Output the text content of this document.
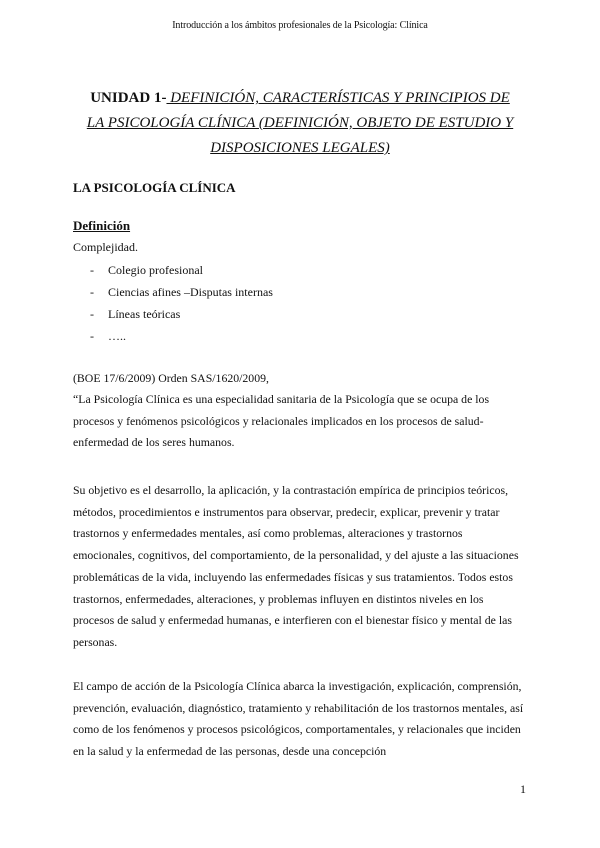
Introducción a los ámbitos profesionales de la Psicología: Clínica
UNIDAD 1- DEFINICIÓN, CARACTERÍSTICAS Y PRINCIPIOS DE LA PSICOLOGÍA CLÍNICA (DEFINICIÓN, OBJETO DE ESTUDIO Y DISPOSICIONES LEGALES)
LA PSICOLOGÍA CLÍNICA
Definición
Complejidad.
- Colegio profesional
- Ciencias afines –Disputas internas
- Líneas teóricas
- …..

(BOE 17/6/2009) Orden SAS/1620/2009,

“La Psicología Clínica es una especialidad sanitaria de la Psicología que se ocupa de los procesos y fenómenos psicológicos y relacionales implicados en los procesos de salud-enfermedad de los seres humanos.

Su objetivo es el desarrollo, la aplicación, y la contrastación empírica de principios teóricos, métodos, procedimientos e instrumentos para observar, predecir, explicar, prevenir y tratar trastornos y enfermedades mentales, así como problemas, alteraciones y trastornos emocionales, cognitivos, del comportamiento, de la personalidad, y del ajuste a las situaciones problemáticas de la vida, incluyendo las enfermedades físicas y sus tratamientos. Todos estos trastornos, enfermedades, alteraciones, y problemas influyen en distintos niveles en los procesos de salud y enfermedad humanas, e interfieren con el bienestar físico y mental de las personas.

El campo de acción de la Psicología Clínica abarca la investigación, explicación, comprensión, prevención, evaluación, diagnóstico, tratamiento y rehabilitación de los trastornos mentales, así como de los fenómenos y procesos psicológicos, comportamentales, y relacionales que inciden en la salud y la enfermedad de las personas, desde una concepción

1
